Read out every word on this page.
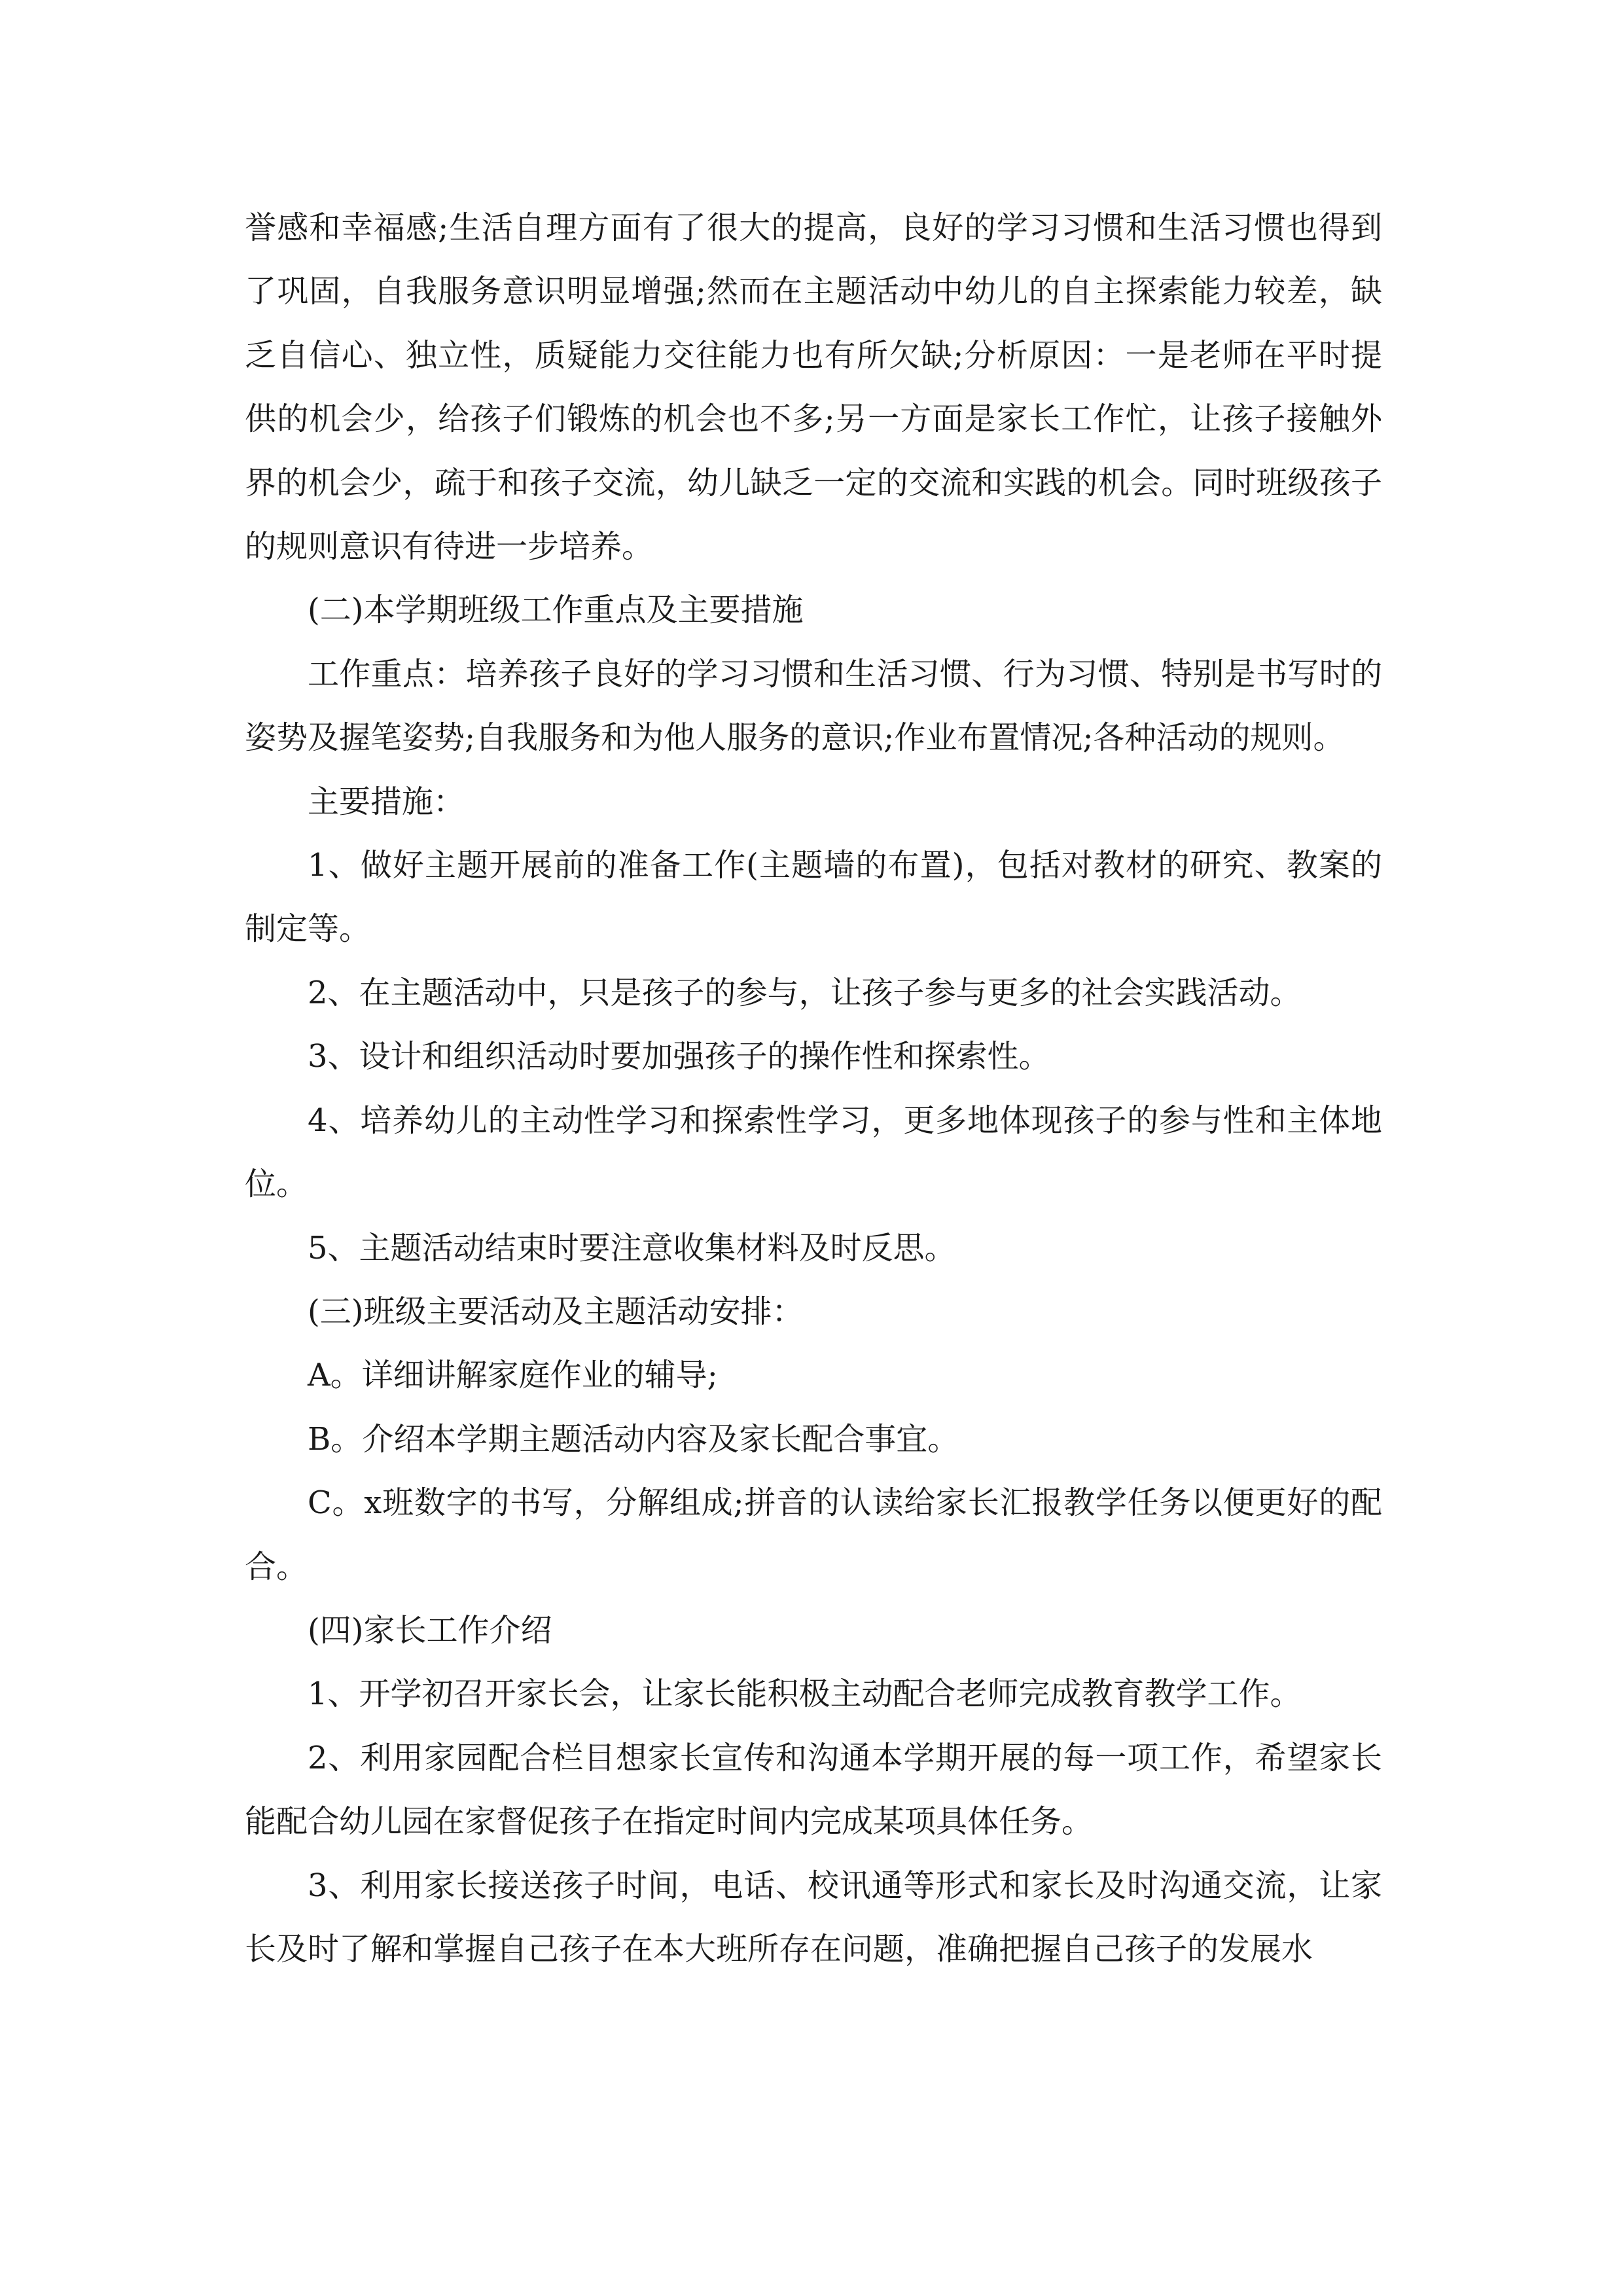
誉感和幸福感;生活自理方面有了很大的提高，良好的学习习惯和生活习惯也得到了巩固，自我服务意识明显增强;然而在主题活动中幼儿的自主探索能力较差，缺乏自信心、独立性，质疑能力交往能力也有所欠缺;分析原因：一是老师在平时提供的机会少，给孩子们锻炼的机会也不多;另一方面是家长工作忙，让孩子接触外界的机会少，疏于和孩子交流，幼儿缺乏一定的交流和实践的机会。同时班级孩子的规则意识有待进一步培养。

(二)本学期班级工作重点及主要措施

工作重点：培养孩子良好的学习习惯和生活习惯、行为习惯、特别是书写时的姿势及握笔姿势;自我服务和为他人服务的意识;作业布置情况;各种活动的规则。

主要措施：

1、做好主题开展前的准备工作(主题墙的布置)，包括对教材的研究、教案的制定等。

2、在主题活动中，只是孩子的参与，让孩子参与更多的社会实践活动。

3、设计和组织活动时要加强孩子的操作性和探索性。

4、培养幼儿的主动性学习和探索性学习，更多地体现孩子的参与性和主体地位。

5、主题活动结束时要注意收集材料及时反思。

(三)班级主要活动及主题活动安排：

A。详细讲解家庭作业的辅导;

B。介绍本学期主题活动内容及家长配合事宜。

C。x班数字的书写，分解组成;拼音的认读给家长汇报教学任务以便更好的配合。

(四)家长工作介绍

1、开学初召开家长会，让家长能积极主动配合老师完成教育教学工作。

2、利用家园配合栏目想家长宣传和沟通本学期开展的每一项工作，希望家长能配合幼儿园在家督促孩子在指定时间内完成某项具体任务。

3、利用家长接送孩子时间，电话、校讯通等形式和家长及时沟通交流，让家长及时了解和掌握自己孩子在本大班所存在问题，准确把握自己孩子的发展水
